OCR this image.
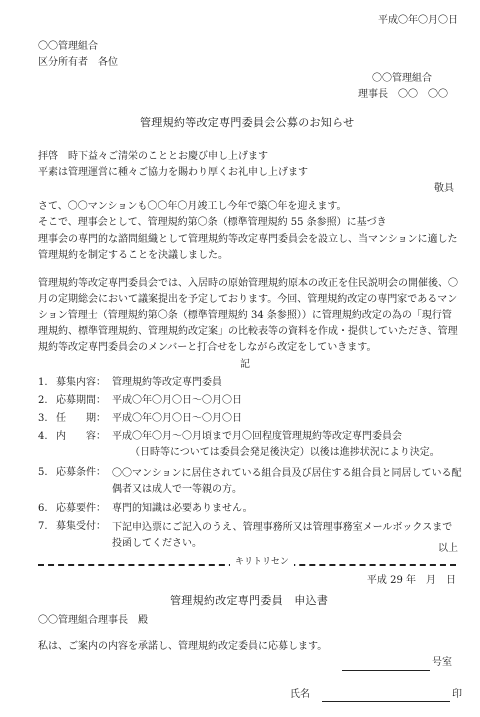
平成〇年〇月〇日
〇〇管理組合
区分所有者　各位
〇〇管理組合
理事長　〇〇　〇〇
管理規約等改定専門委員会公募のお知らせ
拝啓　時下益々ご清栄のこととお慶び申し上げます
平素は管理運営に種々ご協力を賜わり厚くお礼申し上げます
敬具
さて、〇〇マンションも〇〇年〇月竣工し今年で築〇年を迎えます。
そこで、理事会として、管理規約第〇条（標準管理規約 55 条参照）に基づき
理事会の専門的な諮問組織として管理規約等改定専門委員会を設立し、当マンションに適した管理規約を制定することを決議しました。
管理規約等改定専門委員会では、入居時の原始管理規約原本の改正を住民説明会の開催後、〇月の定期総会において議案提出を予定しております。今回、管理規約改定の専門家であるマンション管理士（管理規約第〇条（標準管理規約 34 条参照））に管理規約改定の為の「現行管理規約、標準管理規約、管理規約改定案」の比較表等の資料を作成・提供していただき、管理規約等改定専門委員会のメンバーと打合せをしながら改定をしていきます。
記
1. 募集内容： 管理規約等改定専門委員
2. 応募期間： 平成〇年〇月〇日～〇月〇日
3. 任　　期： 平成〇年〇月〇日～〇月〇日
4. 内　　容： 平成〇年〇月～〇月頃まで月〇回程度管理規約等改定専門委員会
（日時等については委員会発足後決定）以後は進捗状況により決定。
5. 応募条件： 〇〇マンションに居住されている組合員及び居住する組合員と同居している配偶者又は成人で一等親の方。
6. 応募要件： 専門的知識は必要ありません。
7. 募集受付： 下記申込票にご記入のうえ、管理事務所又は管理事務室メールボックスまで投函してください。	以上
キリトリセン
平成 29 年　月　日
管理規約改定専門委員　申込書
〇〇管理組合理事長　殿
私は、ご案内の内容を承諾し、管理規約改定委員に応募します。
号室
氏名	印
